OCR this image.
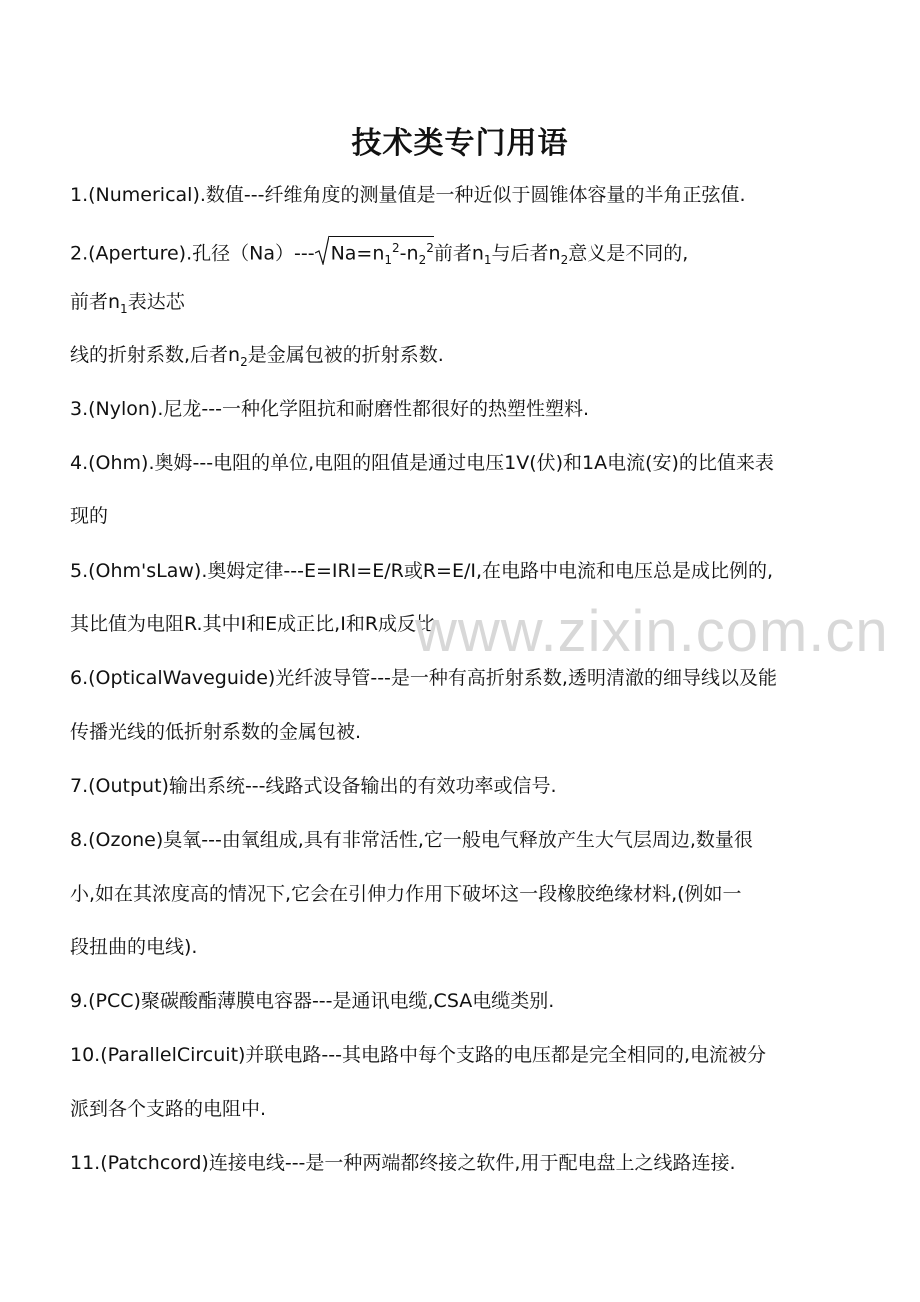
技术类专门用语
1.(Numerical).数值---纤维角度的测量值是一种近似于圆锥体容量的半角正弦值.
2.(Aperture).孔径（Na）--- $Na=n_1^2-n_2^2$前者$n_1$与后者$n_2$意义是不同的,
前者$n_1$表达芯
线的折射系数,后者$n_2$是金属包被的折射系数.
3.(Nylon).尼龙---一种化学阻抗和耐磨性都很好的热塑性塑料.
4.(Ohm).奥姆---电阻的单位,电阻的阻值是通过电压1V(伏)和1A电流(安)的比值来表
现的
5.(Ohm'sLaw).奥姆定律---E=IRI=E/R或R=E/I,在电路中电流和电压总是成比例的,
其比值为电阻R.其中I和E成正比,I和R成反比
6.(OpticalWaveguide)光纤波导管---是一种有高折射系数,透明清澈的细导线以及能
传播光线的低折射系数的金属包被.
7.(Output)输出系统---线路式设备输出的有效功率或信号.
8.(Ozone)臭氧---由氧组成,具有非常活性,它一般电气释放产生大气层周边,数量很
小,如在其浓度高的情况下,它会在引伸力作用下破坏这一段橡胶绝缘材料,(例如一
段扭曲的电线).
9.(PCC)聚碳酸酯薄膜电容器---是通讯电缆,CSA电缆类别.
10.(ParallelCircuit)并联电路---其电路中每个支路的电压都是完全相同的,电流被分
派到各个支路的电阻中.
11.(Patchcord)连接电线---是一种两端都终接之软件,用于配电盘上之线路连接.
www.zixin.com.cn
